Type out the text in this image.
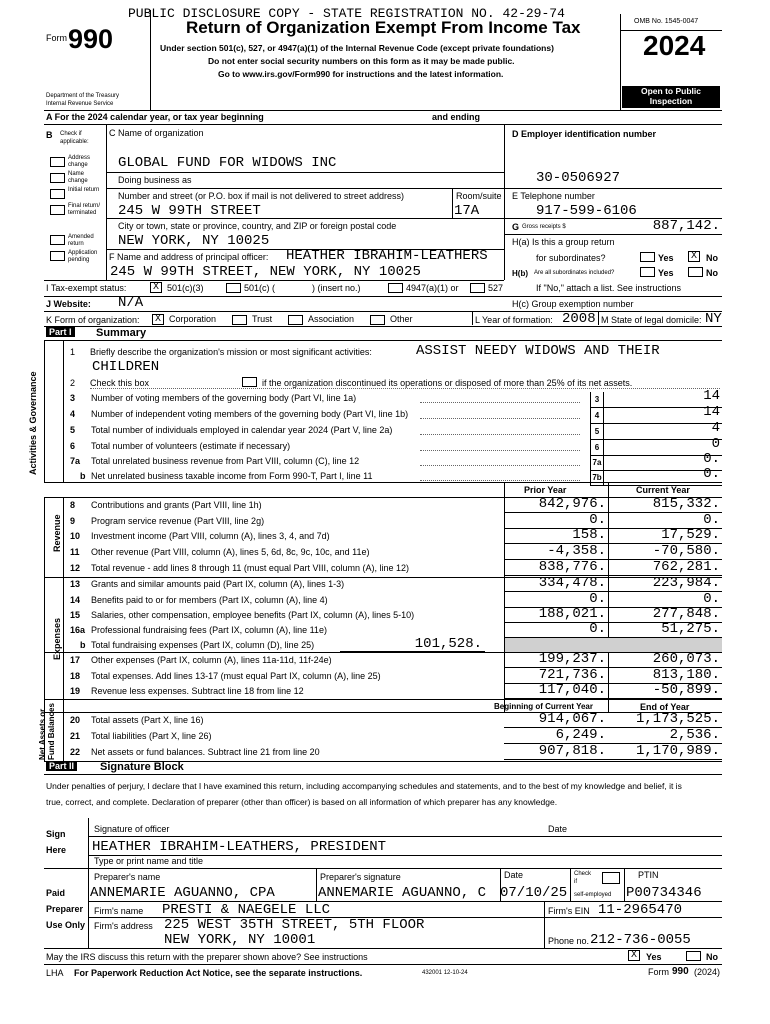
PUBLIC DISCLOSURE COPY - STATE REGISTRATION NO. 42-29-74
Return of Organization Exempt From Income Tax
Form 990	Under section 501(c), 527, or 4947(a)(1) of the Internal Revenue Code (except private foundations)
Do not enter social security numbers on this form as it may be made public.
Go to www.irs.gov/Form990 for instructions and the latest information.
Department of the Treasury
Internal Revenue Service
OMB No. 1545-0047
2024
Open to Public
Inspection
A For the 2024 calendar year, or tax year beginning	and ending
B Check if
applicable:
Address change
Name change
Initial return
Final return/ terminated
Amended return
Application pending
C Name of organization
GLOBAL FUND FOR WIDOWS INC
Doing business as
Number and street (or P.O. box if mail is not delivered to street address)	Room/suite
245 W 99TH STREET	17A
City or town, state or province, country, and ZIP or foreign postal code
NEW YORK, NY 10025
F Name and address of principal officer: HEATHER IBRAHIM-LEATHERS
245 W 99TH STREET, NEW YORK, NY 10025
D Employer identification number
30-0506927
E Telephone number
917-599-6106
G Gross receipts $	887,142.
H(a) Is this a group return
for subordinates?	Yes X	No
H(b) Are all subordinates included?	Yes	No
If "No," attach a list. See instructions
I Tax-exempt status:	X 501(c)(3)	501(c) (	) (insert no.)	4947(a)(1) or	527
J Website: N/A	H(c) Group exemption number
K Form of organization: X Corporation	Trust	Association	Other	L Year of formation: 2008 M State of legal domicile: NY
Part I Summary
Activities & Governance
1 Briefly describe the organization's mission or most significant activities:	ASSIST NEEDY WIDOWS AND THEIR
CHILDREN
2 Check this box	if the organization discontinued its operations or disposed of more than 25% of its net assets.
Prior Year	Current Year
Revenue
Expenses b Total fundraising expenses (Part IX, column (D), line 25)	101,528.
Beginning of Current Year	End of Year
Net Assets or Fund Balances
Part II Signature Block
Under penalties of perjury, I declare that I have examined this return, including accompanying schedules and statements, and to the best of my knowledge and belief, it is
true, correct, and complete. Declaration of preparer (other than officer) is based on all information of which preparer has any knowledge.
Sign
Here
Signature of officer	Date
HEATHER IBRAHIM-LEATHERS, PRESIDENT
Type or print name and title
Paid
Preparer
Use Only
Preparer's name	Preparer's signature	Date	Check
if
self-employed
PTIN
ANNEMARIE AGUANNO, CPA	ANNEMARIE AGUANNO, C 07/10/25	P00734346
Firm's name PRESTI & NAEGELE LLC	Firm's EIN 11-2965470
Firm's address 225 WEST 35TH STREET, 5TH FLOOR
NEW YORK, NY 10001	Phone no. 212-736-0055
May the IRS discuss this return with the preparer shown above? See instructions	X	Yes	No
LHA For Paperwork Reduction Act Notice, see the separate instructions.	432001 12-10-24	Form 990 (2024)
3 Number of voting members of the governing body (Part VI, line 1a)	3	14
4 Number of independent voting members of the governing body (Part VI, line 1b)	4	14
5 Total number of individuals employed in calendar year 2024 (Part V, line 2a)	5	4
6 Total number of volunteers (estimate if necessary)	6	0
7a Total unrelated business revenue from Part VIII, column (C), line 12	7a	0.
b Net unrelated business taxable income from Form 990-T, Part I, line 11	7b	0.
8 Contributions and grants (Part VIII, line 1h)	842,976.	815,332.
9 Program service revenue (Part VIII, line 2g)	0.	0.
10 Investment income (Part VIII, column (A), lines 3, 4, and 7d)	158.	17,529.
11 Other revenue (Part VIII, column (A), lines 5, 6d, 8c, 9c, 10c, and 11e)	-4,358.	-70,580.
12 Total revenue - add lines 8 through 11 (must equal Part VIII, column (A), line 12)	838,776.	762,281.
13 Grants and similar amounts paid (Part IX, column (A), lines 1-3)	334,478.	223,984.
14 Benefits paid to or for members (Part IX, column (A), line 4)	0.	0.
15 Salaries, other compensation, employee benefits (Part IX, column (A), lines 5-10)	188,021.	277,848.
16a Professional fundraising fees (Part IX, column (A), line 11e)	0.	51,275.
17 Other expenses (Part IX, column (A), lines 11a-11d, 11f-24e)	199,237.	260,073.
18 Total expenses. Add lines 13-17 (must equal Part IX, column (A), line 25)	721,736.	813,180.
19 Revenue less expenses. Subtract line 18 from line 12	117,040.	-50,899.
20 Total assets (Part X, line 16)	914,067.	1,173,525.
21 Total liabilities (Part X, line 26)	6,249.	2,536.
22 Net assets or fund balances. Subtract line 21 from line 20	907,818.	1,170,989.
